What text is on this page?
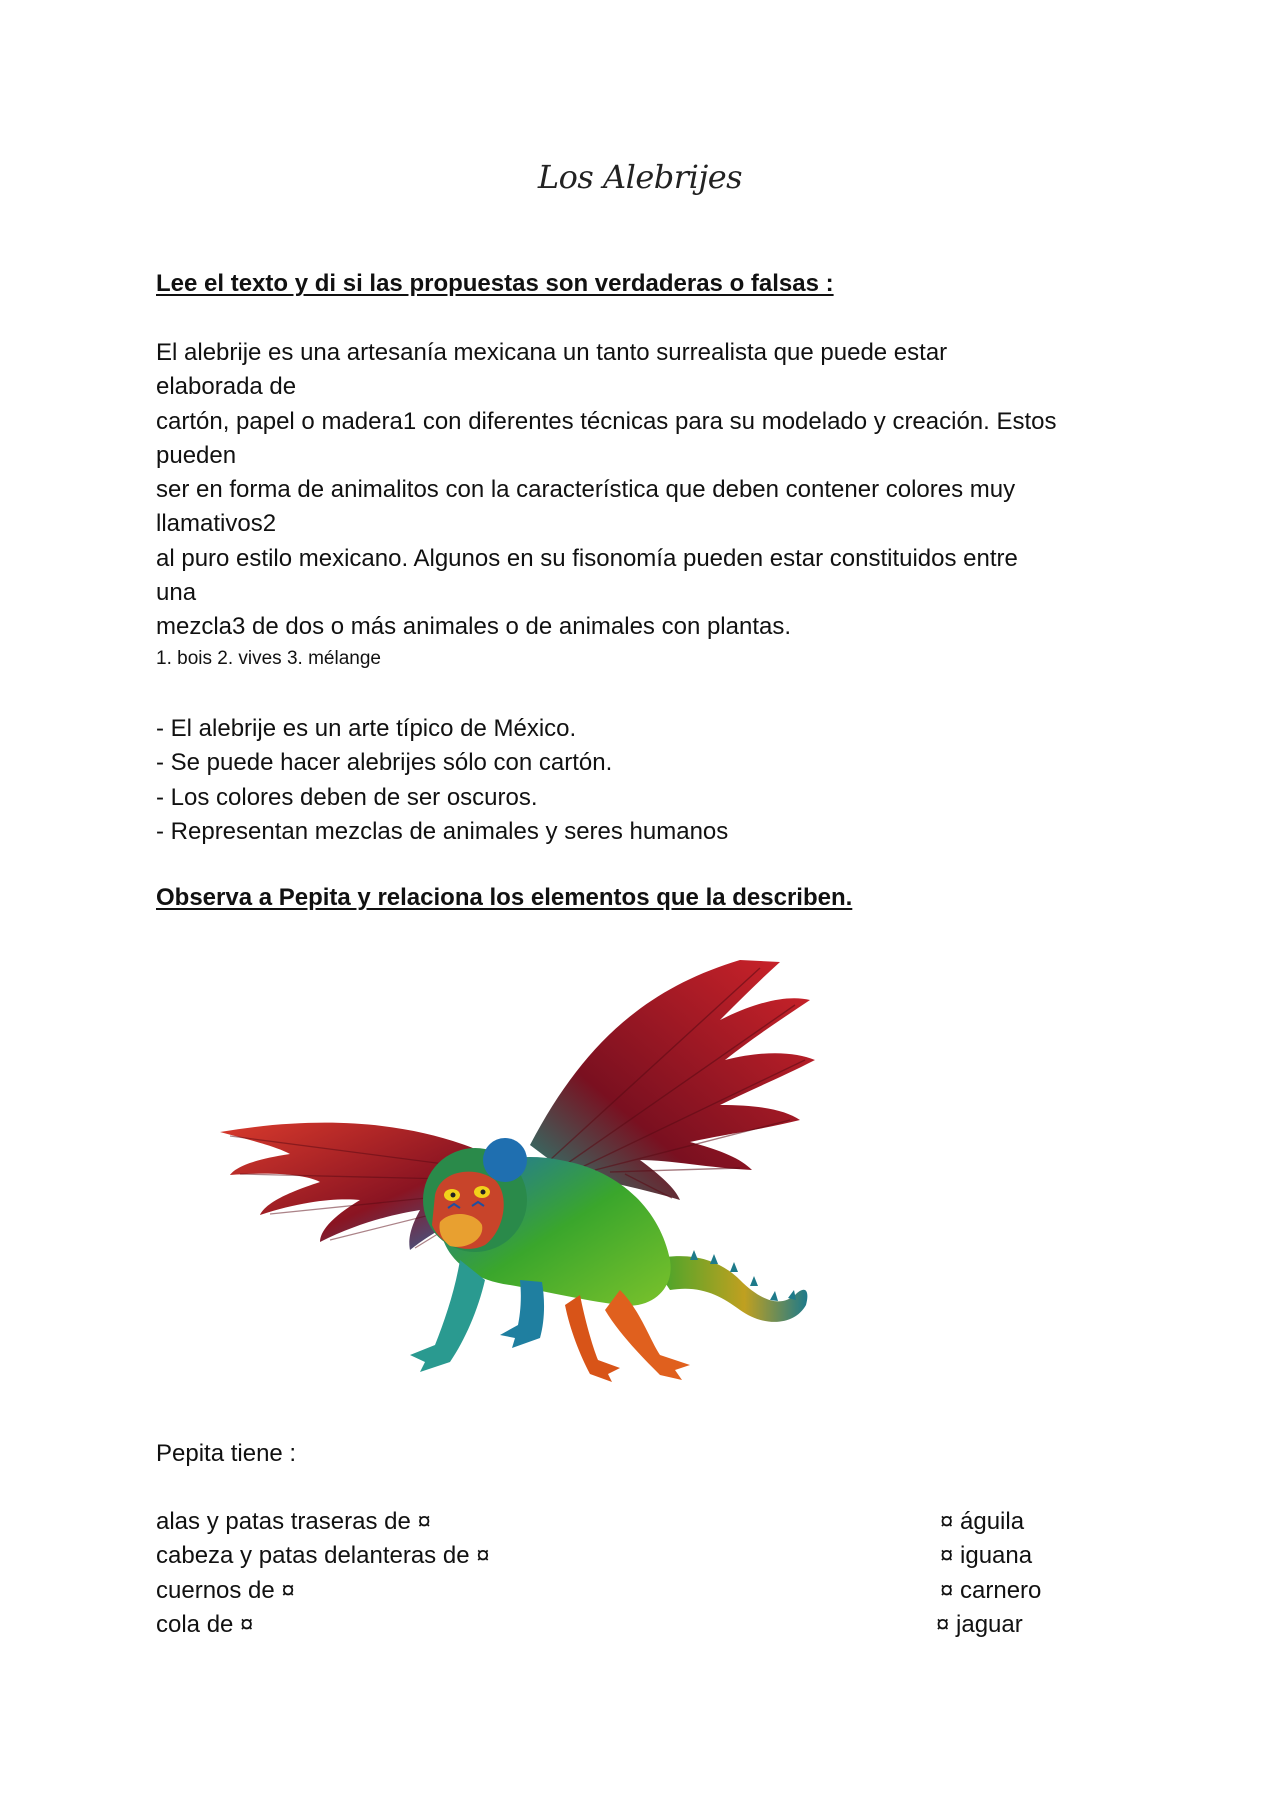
Los Alebrijes
Lee el texto y di si las propuestas son verdaderas o falsas :
El alebrije es una artesanía mexicana un tanto surrealista que puede estar
elaborada de
cartón, papel o madera1 con diferentes técnicas para su modelado y creación. Estos
pueden
ser en forma de animalitos con la característica que deben contener colores muy
llamativos2
al puro estilo mexicano. Algunos en su fisonomía pueden estar constituidos entre
una
mezcla3 de dos o más animales o de animales con plantas.
1. bois 2. vives 3. mélange
- El alebrije es un arte típico de México.
- Se puede hacer alebrijes sólo con cartón.
- Los colores deben de ser oscuros.
- Representan mezclas de animales y seres humanos
Observa a Pepita y relaciona los elementos que la describen.
Pepita tiene :
alas y patas traseras de ¤
cabeza y patas delanteras de ¤
cuernos de ¤
cola de ¤
¤ águila
¤ iguana
¤ carnero
¤ jaguar
